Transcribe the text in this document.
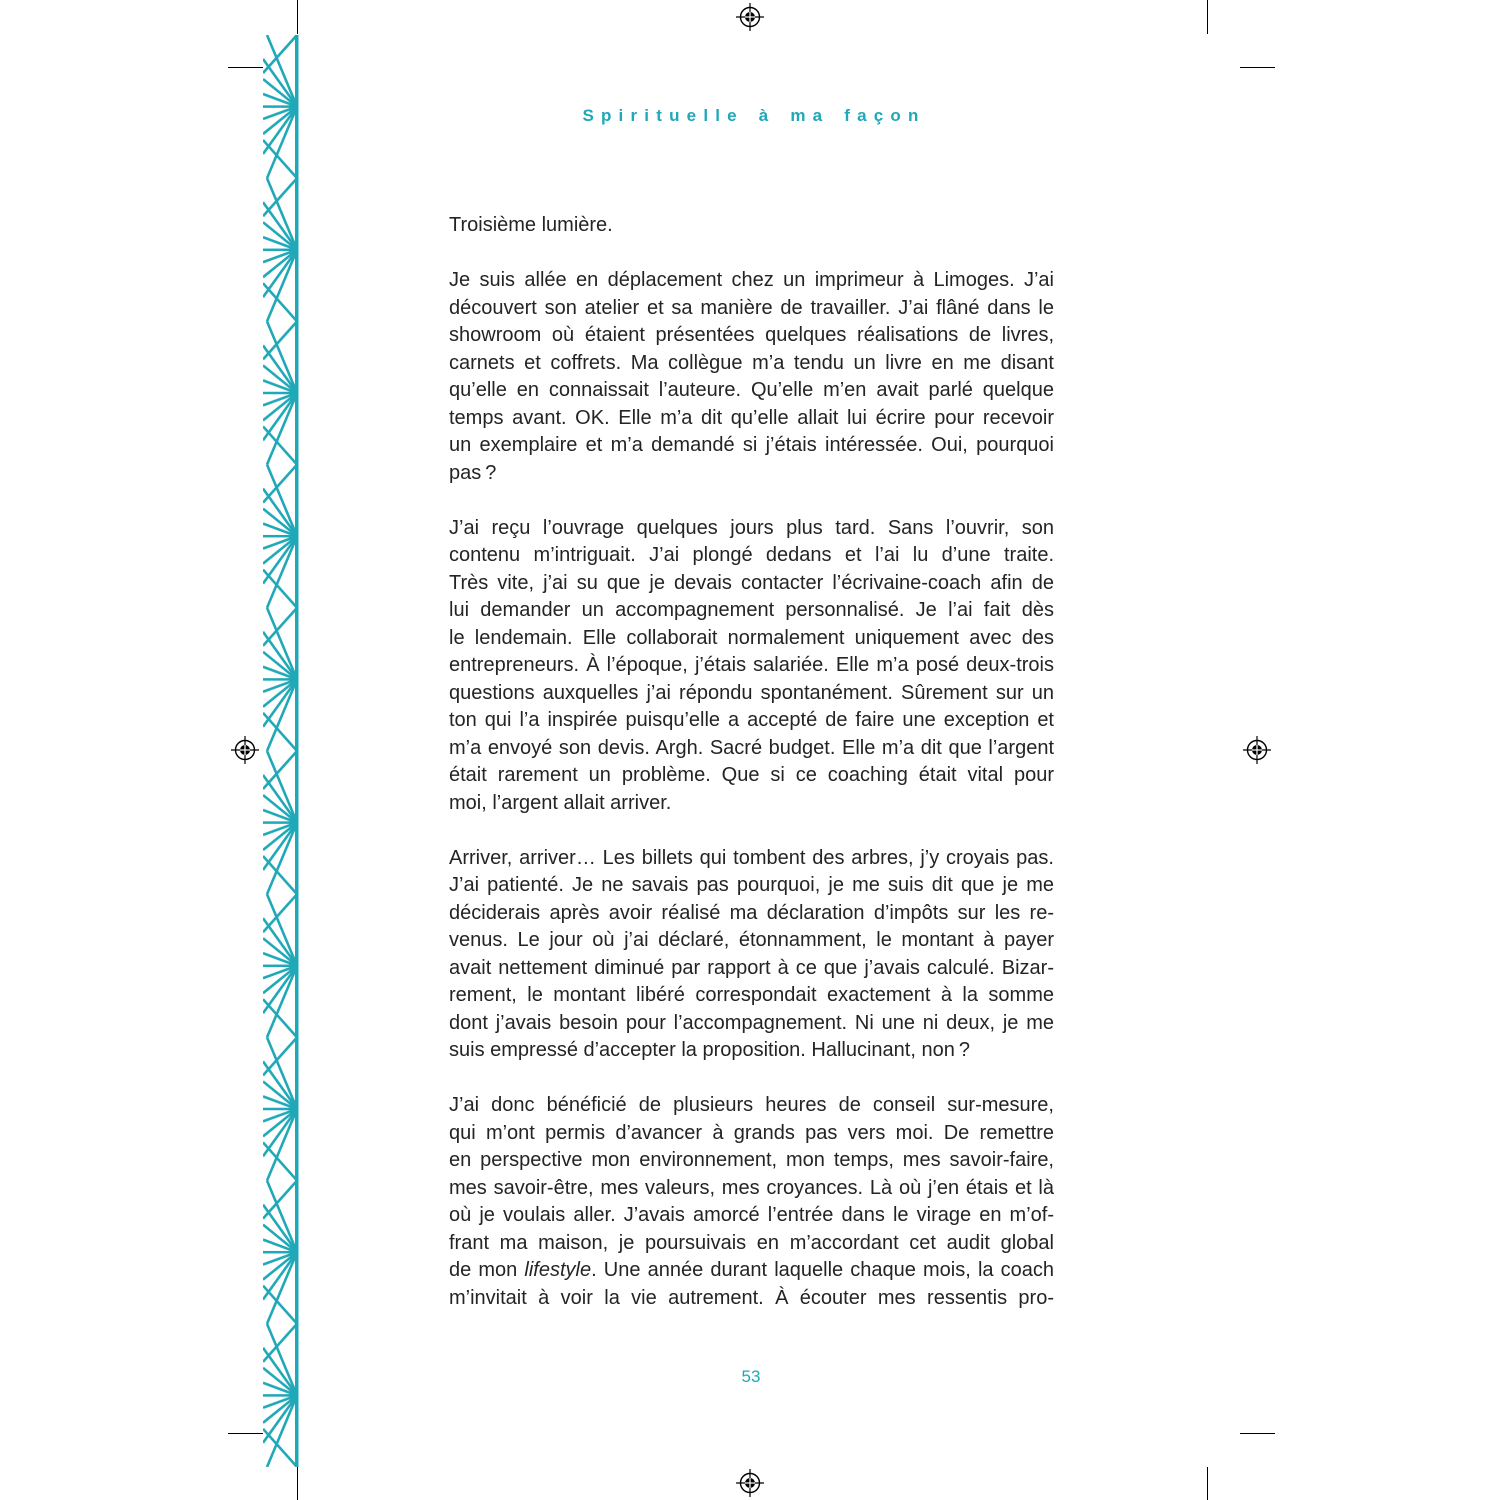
Spirituelle à ma façon
Troisième lumière.
Je suis allée en déplacement chez un imprimeur à Limoges. J’ai
découvert son atelier et sa manière de travailler. J’ai flâné dans le
showroom où étaient présentées quelques réalisations de livres,
carnets et coffrets. Ma collègue m’a tendu un livre en me disant
qu’elle en connaissait l’auteure. Qu’elle m’en avait parlé quelque
temps avant. OK. Elle m’a dit qu’elle allait lui écrire pour recevoir
un exemplaire et m’a demandé si j’étais intéressée. Oui, pourquoi
pas ?
J’ai reçu l’ouvrage quelques jours plus tard. Sans l’ouvrir, son
contenu m’intriguait. J’ai plongé dedans et l’ai lu d’une traite.
Très vite, j’ai su que je devais contacter l’écrivaine-coach afin de
lui demander un accompagnement personnalisé. Je l’ai fait dès
le lendemain. Elle collaborait normalement uniquement avec des
entrepreneurs. À l’époque, j’étais salariée. Elle m’a posé deux-trois
questions auxquelles j’ai répondu spontanément. Sûrement sur un
ton qui l’a inspirée puisqu’elle a accepté de faire une exception et
m’a envoyé son devis. Argh. Sacré budget. Elle m’a dit que l’argent
était rarement un problème. Que si ce coaching était vital pour
moi, l’argent allait arriver.
Arriver, arriver… Les billets qui tombent des arbres, j’y croyais pas.
J’ai patienté. Je ne savais pas pourquoi, je me suis dit que je me
déciderais après avoir réalisé ma déclaration d’impôts sur les re-
venus. Le jour où j’ai déclaré, étonnamment, le montant à payer
avait nettement diminué par rapport à ce que j’avais calculé. Bizar-
rement, le montant libéré correspondait exactement à la somme
dont j’avais besoin pour l’accompagnement. Ni une ni deux, je me
suis empressé d’accepter la proposition. Hallucinant, non ?
J’ai donc bénéficié de plusieurs heures de conseil sur-mesure,
qui m’ont permis d’avancer à grands pas vers moi. De remettre
en perspective mon environnement, mon temps, mes savoir-faire,
mes savoir-être, mes valeurs, mes croyances. Là où j’en étais et là
où je voulais aller. J’avais amorcé l’entrée dans le virage en m’of-
frant ma maison, je poursuivais en m’accordant cet audit global
de mon lifestyle. Une année durant laquelle chaque mois, la coach
m’invitait à voir la vie autrement. À écouter mes ressentis pro-
53
